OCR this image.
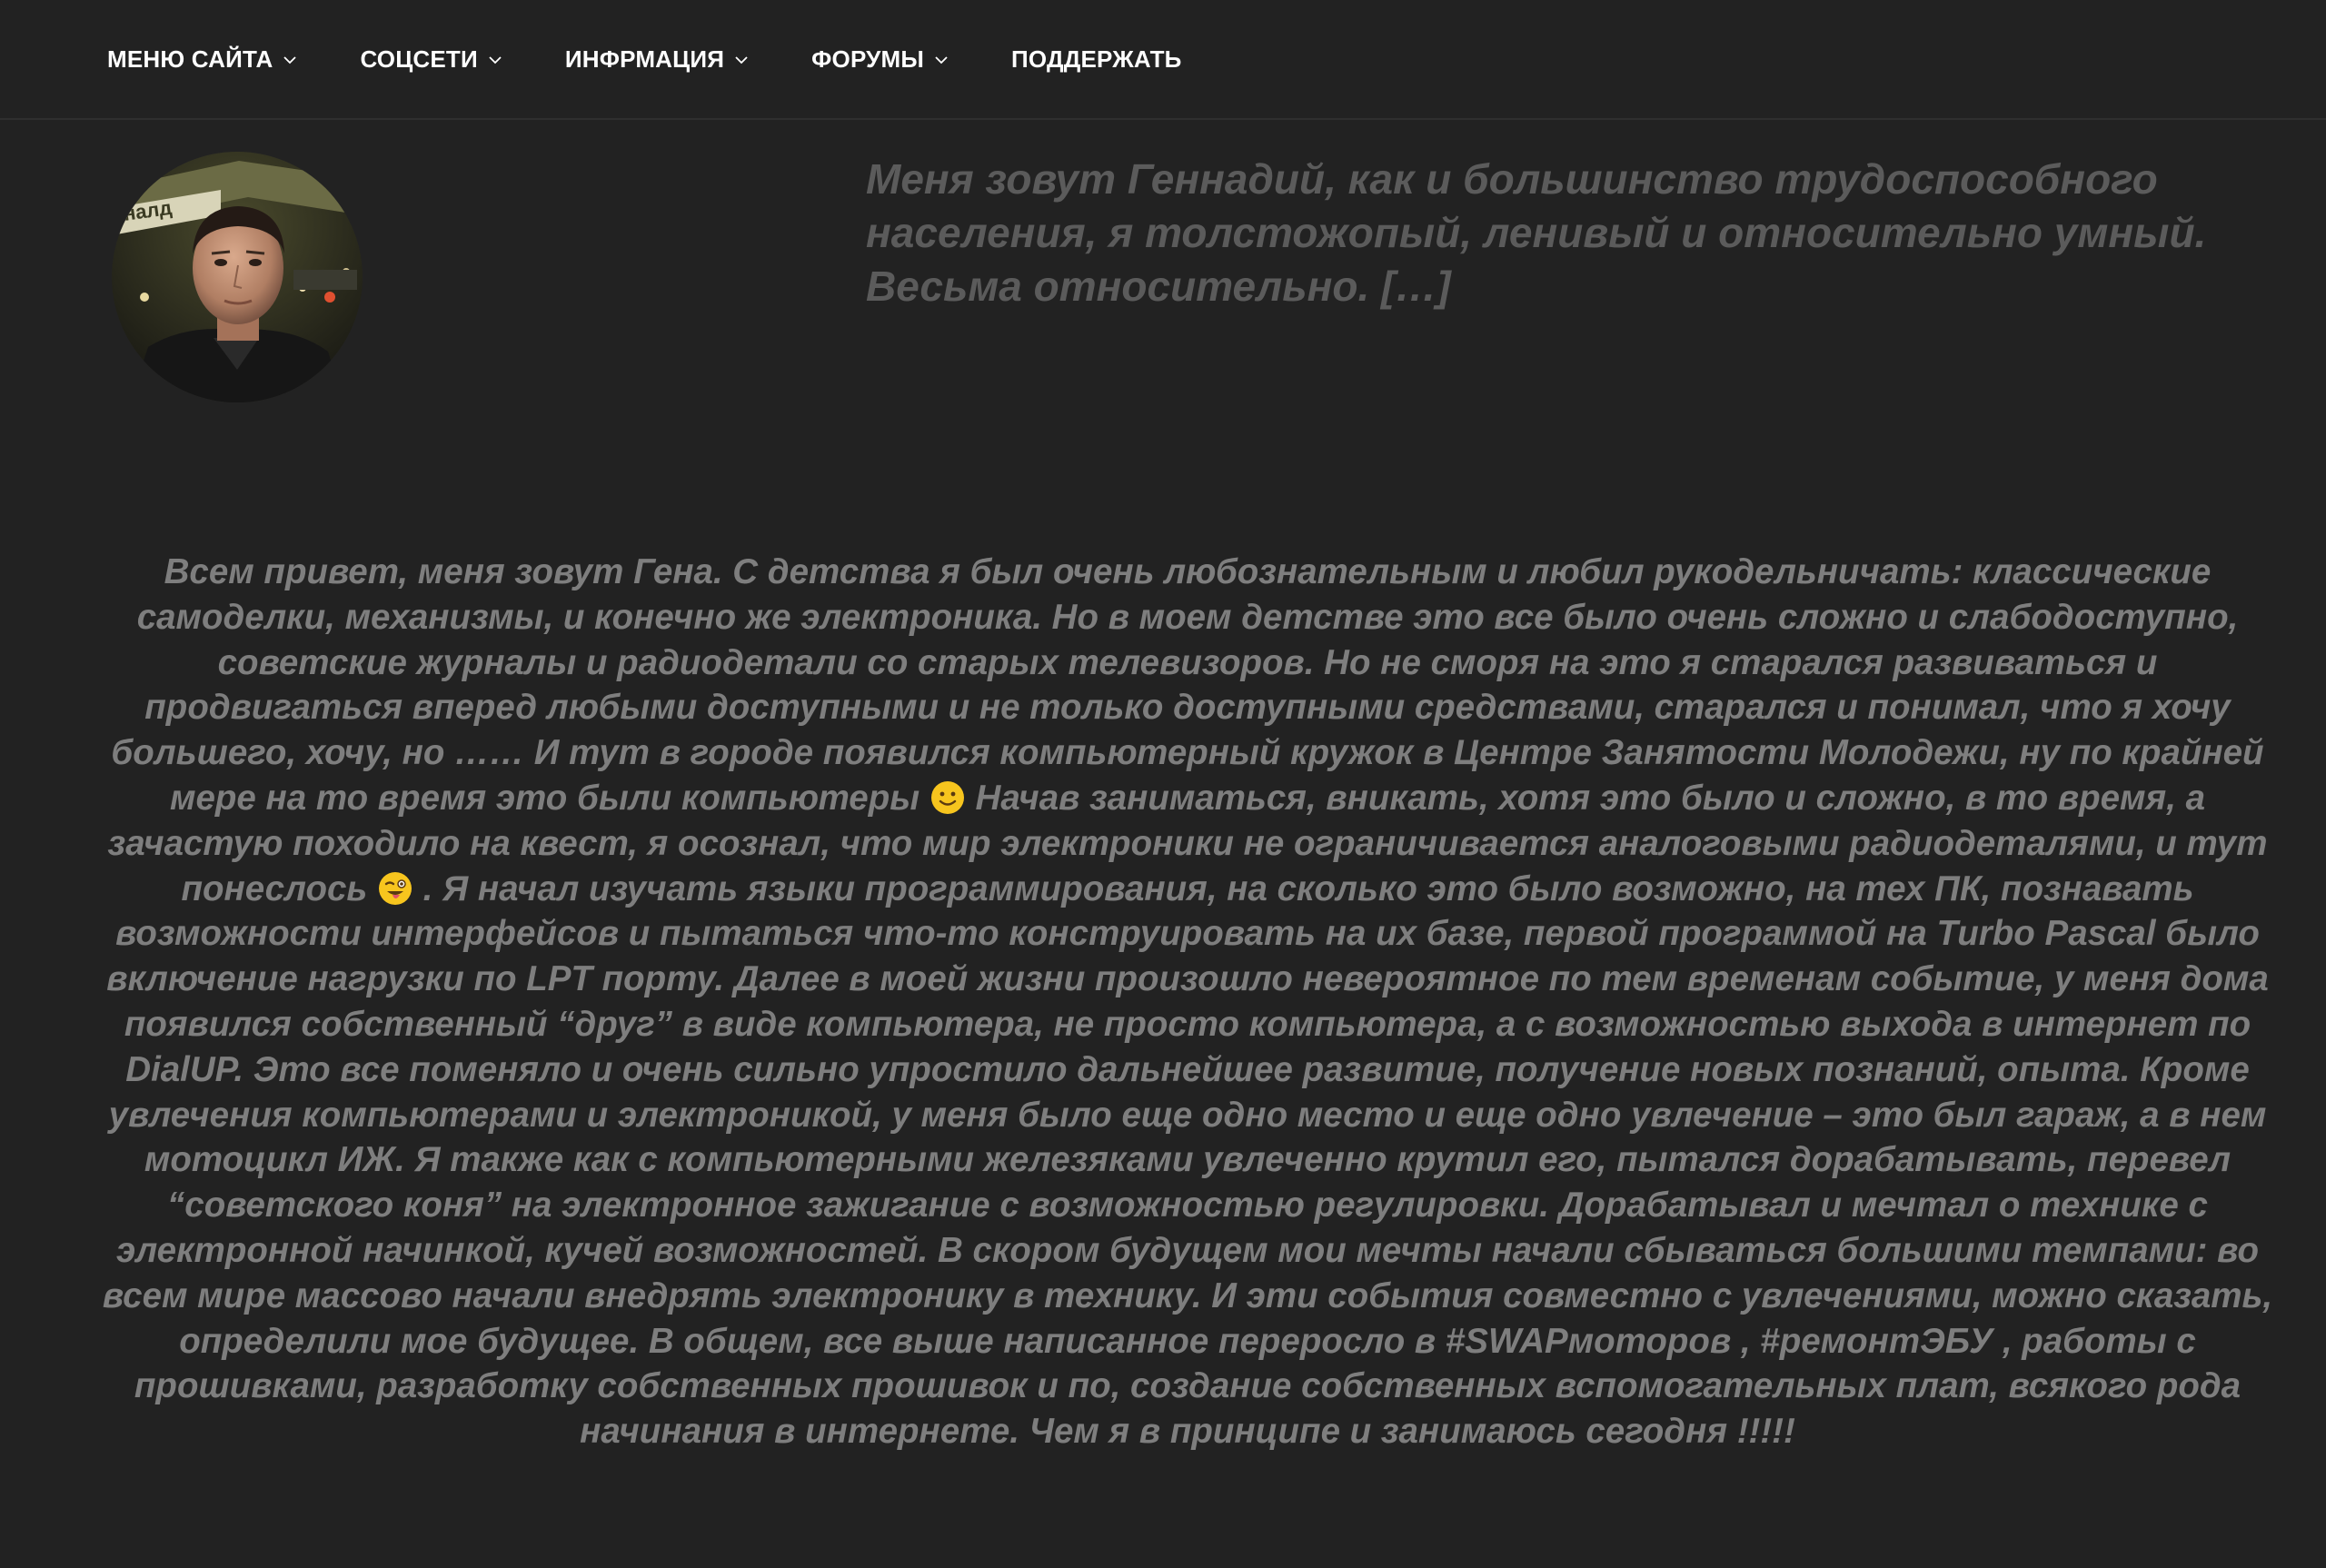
МЕНЮ САЙТА	СОЦСЕТИ	ИНФРМАЦИЯ	ФОРУМЫ	ПОДДЕРЖАТЬ
налд

Меня зовут Геннадий, как и большинство трудоспособного населения, я толстожопый, ленивый и относительно умный. Весьма относительно. […]

Всем привет, меня зовут Гена. С детства я был очень любознательным и любил рукодельничать: классические самоделки, механизмы, и конечно же электроника. Но в моем детстве это все было очень сложно и слабодоступно, советские журналы и радиодетали со старых телевизоров. Но не сморя на это я старался развиваться и продвигаться вперед любыми доступными и не только доступными средствами, старался и понимал, что я хочу большего, хочу, но …… И тут в городе появился компьютерный кружок в Центре Занятости Молодежи, ну по крайней мере на то время это были компьютеры  Начав заниматься, вникать, хотя это было и сложно, в то время, а зачастую походило на квест, я осознал, что мир электроники не ограничивается аналоговыми радиодеталями, и тут понеслось  . Я начал изучать языки программирования, на сколько это было возможно, на тех ПК, познавать возможности интерфейсов и пытаться что-то конструировать на их базе, первой программой на Turbo Pascal было включение нагрузки по LPT порту. Далее в моей жизни произошло невероятное по тем временам событие, у меня дома появился собственный “друг” в виде компьютера, не просто компьютера, а с возможностью выхода в интернет по DialUP. Это все поменяло и очень сильно упростило дальнейшее развитие, получение новых познаний, опыта. Кроме увлечения компьютерами и электроникой, у меня было еще одно место и еще одно увлечение – это был гараж, а в нем мотоцикл ИЖ. Я также как с компьютерными железяками увлеченно крутил его, пытался дорабатывать, перевел “советского коня” на электронное зажигание с возможностью регулировки. Дорабатывал и мечтал о технике с электронной начинкой, кучей возможностей. В скором будущем мои мечты начали сбываться большими темпами: во всем мире массово начали внедрять электронику в технику. И эти события совместно с увлечениями, можно сказать, определили мое будущее. В общем, все выше написанное переросло в #SWAPмоторов , #ремонтЭБУ , работы с прошивками, разработку собственных прошивок и по, создание собственных вспомогательных плат, всякого рода начинания в интернете. Чем я в принципе и занимаюсь сегодня !!!!!
